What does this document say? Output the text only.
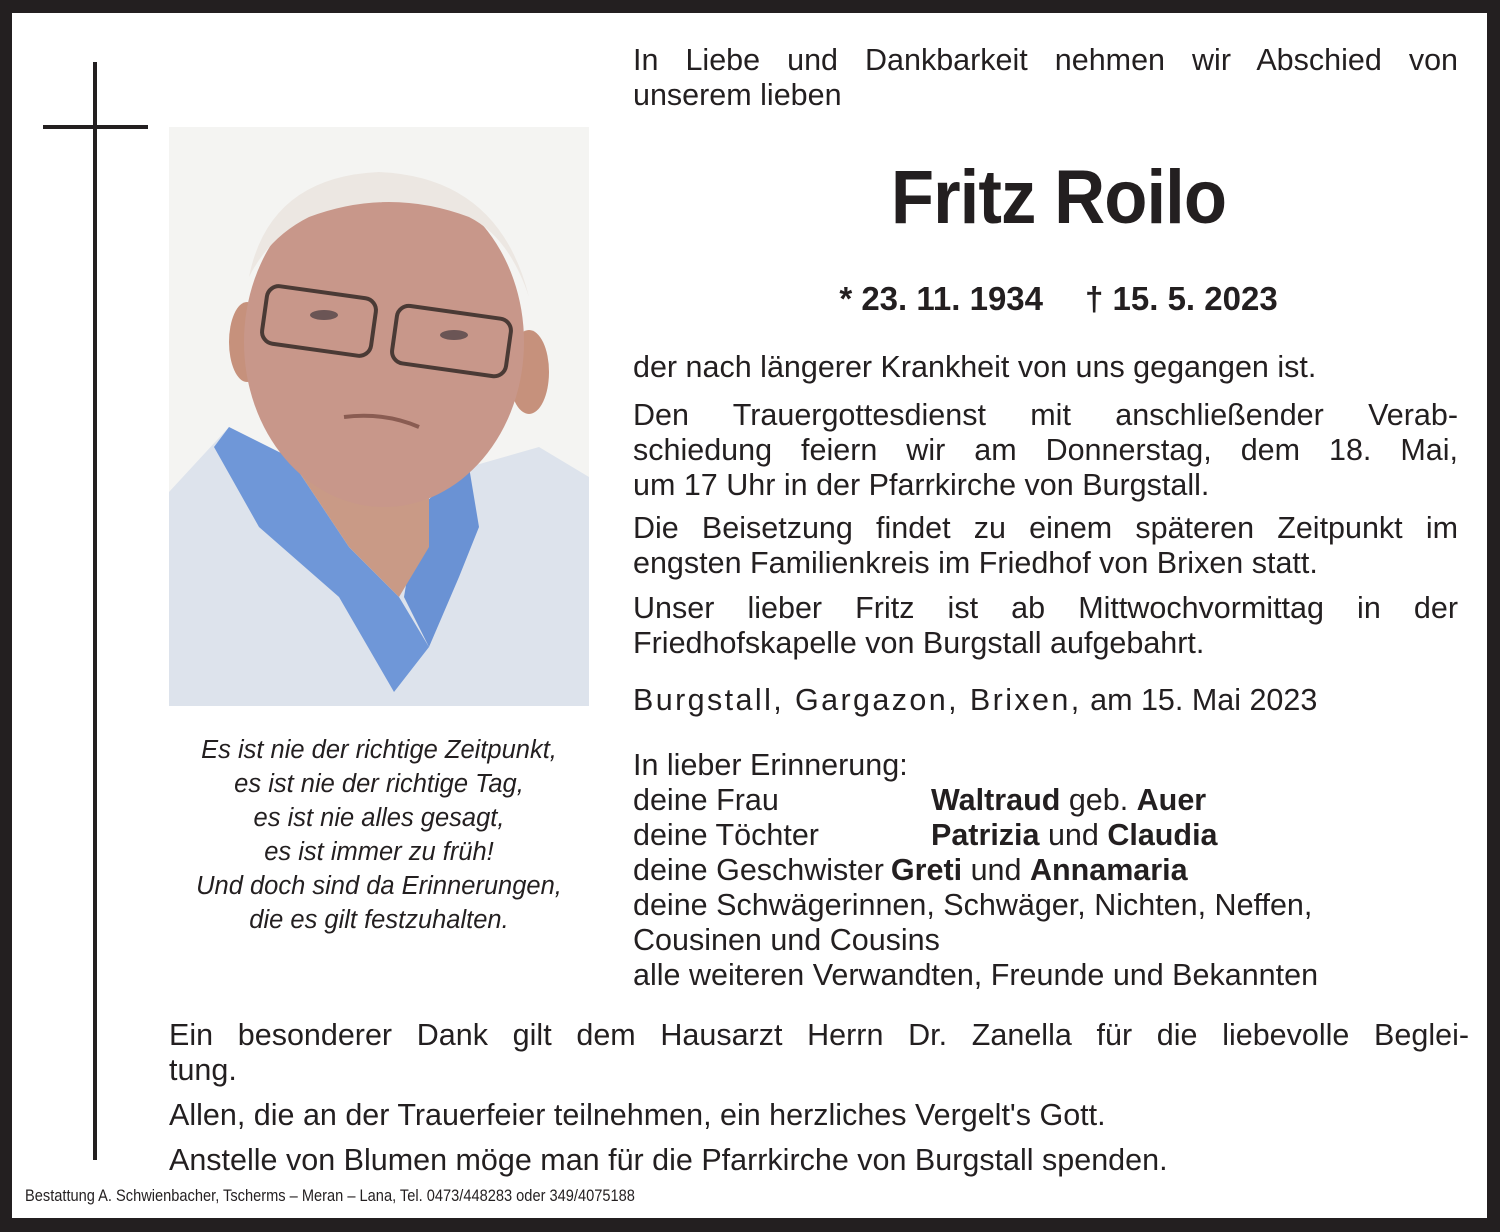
Es ist nie der richtige Zeitpunkt,
es ist nie der richtige Tag,
es ist nie alles gesagt,
es ist immer zu früh!
Und doch sind da Erinnerungen,
die es gilt festzuhalten.
In Liebe und Dankbarkeit nehmen wir Abschied von
unserem lieben
Fritz Roilo
* 23. 11. 1934 † 15. 5. 2023
der nach längerer Krankheit von uns gegangen ist.
Den Trauergottesdienst mit anschließender Verab-
schiedung feiern wir am Donnerstag, dem 18. Mai,
um 17 Uhr in der Pfarrkirche von Burgstall.
Die Beisetzung findet zu einem späteren Zeitpunkt im
engsten Familienkreis im Friedhof von Brixen statt.
Unser lieber Fritz ist ab Mittwochvormittag in der
Friedhofskapelle von Burgstall aufgebahrt.
Burgstall, Gargazon, Brixen, am 15. Mai 2023
In lieber Erinnerung:
deine Frau	Waltraud geb. Auer
deine Töchter	Patrizia und Claudia
deine Geschwister Greti und Annamaria
deine Schwägerinnen, Schwäger, Nichten, Neffen,
Cousinen und Cousins
alle weiteren Verwandten, Freunde und Bekannten
Ein besonderer Dank gilt dem Hausarzt Herrn Dr. Zanella für die liebevolle Beglei-
tung.
Allen, die an der Trauerfeier teilnehmen, ein herzliches Vergelt's Gott.
Anstelle von Blumen möge man für die Pfarrkirche von Burgstall spenden.
Bestattung A. Schwienbacher, Tscherms – Meran – Lana, Tel. 0473/448283 oder 349/4075188
